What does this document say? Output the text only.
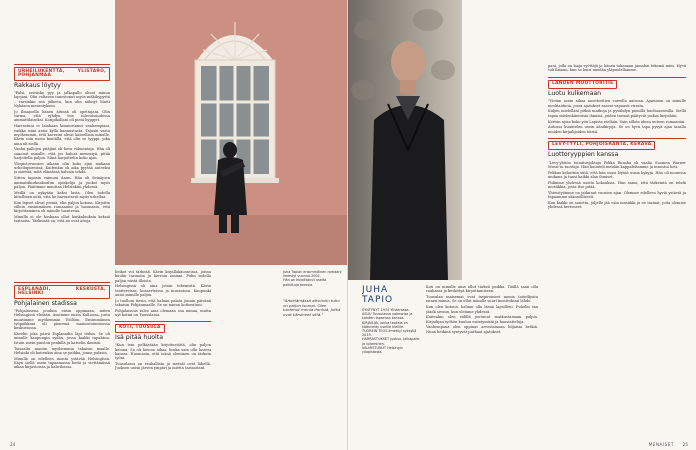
URHEILUKENTTÄ, YLISTARO, POHJANMAA
Rakkaus löytyy

"Palsi, seiväsky pyy ja jalkapallo olivat minun lajejani. Olin valtavan innostunut myös mäkihypystä – varsinkin sen jälkeen, kun olin nähnyt Matti Nykäsen menestyksen.

Jo Ilmajoella hänen äitinsä oli opettajani. Olin varma, että ryhdyn itse tulevaisuudessa ammattilaiseksi. Kotipihallani oli pieni hyppyri.

Harrastuni ei lainkaan kiinnostanut vanhempiani, vaikka isäni antoi kyllä kannustusta. Tajusin vasta myöhemmin, että kaverini olivat kateellisia minulle. Kävin niin usein kentällä, että olin se tyyppi, joka aina oli siellä.

Vanha pallojen pitäjäni oli kova valmentaja. Hän oli sanonut minulle, että jos haluat menestyä, pitää harjoitella paljon. Minä harjoittelin koko ajan.

Yliopistovuosien aikana olin koko ajan mukana urheilupiireissä. Kuitenkin oli aika pyytää anteeksi ja miettiä, mitä elämässä halusin tehdä.

Sitten tapasin vaimoni Anun. Hän oli Seinäjoen ammattikorkeakoulun opiskelija ja juoksi myös paljon. Päätimme muuttaa Helsinkiin yhdessä.

Meillä on nykyään kaksi lasta. Olen todella kiitollinen siitä, että he harrastavat myös urheilua.

Kun lapset olivat pieniä, olin paljon kotona. Kirjoitin silloin ensimmäisen romaanini ja huomasin, että kirjoittaminen oli minulle luontevaa.

Minulla ei ole koskaan ollut hankaluuksia keksiä tarinoita. Tärkeintä on, että ne ovat aitoja.

ESPLANADI, KESKUSTA, HELSINKI
Pohjalainen stadissa

"Pohjalaisena jouduin ensin oppimaan, miten Helsingissä eletään. Asuimme ensin Kalliossa, josta muutimme myöhemmin Töölöön. Ensimmäinen työpaikkani oli pienessä mainostoimistossa keskustassa.

Kävelin joka päivä Esplanadin läpi töihin. Se oli minulle kaupungin sydän, jossa kaikki tapahtuu. Istuin usein puiston penkillä ja katselin ihmisiä.

Toisaalta muutin myöhemmin takaisin maalle. Helsinki oli kuitenkin aina se paikka, jonne palasin.

Minulla on edelleen monta ystävää Helsingissä. Käyn siellä usein tapaamassa heitä ja viettämässä aikaa kirjastoissa ja kahviloissa.

heikot voi tärkeää. Kävin kirjallakausseissa, joissa kuulin tarinoita ja kerroin omiani. Pidin todella paljon niistä illoista.

Helsingissä oli aina jotain tekemistä. Kävin teattereissa, konserteissa ja museoissa. Kaupunki antoi minulle paljon.

Jo tuolloin tiesin, että haluan palata jonain päivänä takaisin Pohjanmaalle. Se on minun kotiseutuni.

Pohjalaisuus tulee aina olemaan osa minua, mutta nyt kotini on Tuusulassa.

KOTI, TUUSULA
Isä pitää huolta

"Kun tein pelkästään kirjoitustöitä, olin paljon kotona. Se oli hienoa aikaa, koska sain olla lasteni kanssa. Huomasin, että isänä oleminen on tärkein työni.

Tuusulassa on rauhallista ja metsät ovat lähellä. Juoksen usein järven ympäri ja mietin tarinoitani.

Juha Tapion ensimmäinen romaani ilmestyi vuonna 2002.
Hän on kirjoittanut useita palkittuja teoksia.
"Arkielämässä alkoholin tuho on paljon isompi. Olen tuntenut monia ihmisiä, jotka ovat kärsineet siitä."
24
JUHA TAPIO
SYNTYNYT 1974 Ylistarossa.
ASUU Tuusulassa vaimonsa ja kahden lapsensa kanssa.
KIRJAILIJA, jonka teoksia on käännetty useille kielille.
TUOREIN TEOS ilmestyi syksyllä 2019.
HARRASTUKSET juoksu, jalkapallo ja lukeminen.
VALMISTUNUT Helsingin yliopistosta.

Koti on minulle aina ollut tärkeä paikka. Täällä saan olla rauhassa ja keskittyä kirjoittamiseen.

Tuusulan maisemat ovat inspiroineet monia taiteilijoita ennen minua. Se on ollut minulle suuri innoituksen lähde.

Kun olen kotona, haluan olla läsnä lapsilleni. Puhelin saa jäädä sivuun, kun olemme yhdessä.

Kuitenkin olen välillä joutunut matkustamaan paljon. Kirjailijan työhön kuuluu esiintymisiä ja haastatteluja.

Vanhempana olen oppinut arvostamaan hiljaisia hetkiä. Niinä hetkinä syntyvät parhaat ajatukset.

pani, jolla on laaja syöttäjä ja hänen takanaan jumalan tekemä mies. Hyvä tuli ilmaan, kun se lensi meidän yläpuolellamme.

LANDEN MOOTTORITIE
Luotu kulkemaan

"Vietän usein aikaa moottoritien varrella autossa. Ajaminen on minulle meditaatiota, jossa ajatukset saavat vapaasti virrata.

Kuljen mielelläni pitkiä matkoja ja pysähdyn pienillä huoltoasemilla. Siellä tapaa mielenkiintoisia ihmisiä, joiden tarinat päätyvät joskus kirjoihini.

Kerran ajoin koko yön Lapista etelään. Sain silloin idean uuteen romaaniin.

Autossa kuuntelen usein äänikirjoja. Se on hyvä tapa pysyä ajan tasalla muiden kirjailijoiden töistä.

LEVY-TYYLI, POHJOISRANTA, KERAVA
Luottoryyppien kanssa

"Levy-yhtiön toimitusjohtaja Pekka Ruuska oli vanha Suomen Warner Music'in tuottaja. Hän kuunteli meidän kappaleitamme ja innostui heti.

Pekkaa kehuttiin siitä, että hän osasi löytää uusia kykyjä. Hän oli monessa mukana ja tunsi kaikki alan ihmiset.

Pidimme yhdessä useita kokouksia. Hän sanoi, että tärkeintä on tehdä musiikkia, josta itse pitää.

Yhteistyömme on jatkunut vuosien ajan. Olemme edelleen hyviä ystäviä ja tapaamme säännöllisesti.

Kun kaikki on sanottu, jäljelle jää vain musiikki ja ne tarinat, joita olemme yhdessä kertoneet.

MENAISET 25
